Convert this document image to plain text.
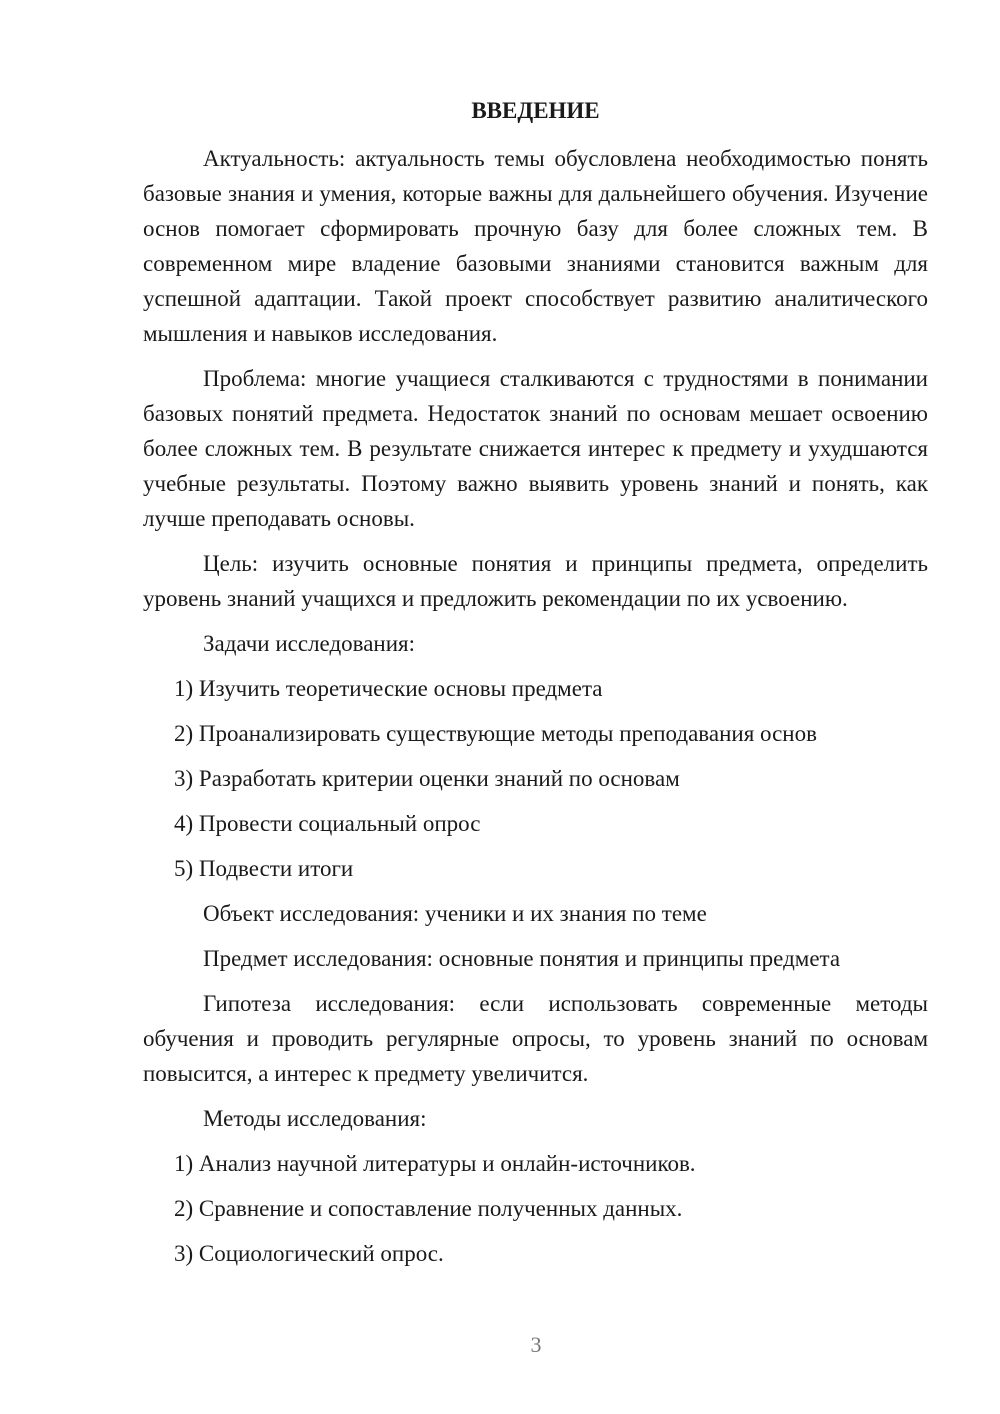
ВВЕДЕНИЕ

Актуальность: актуальность темы обусловлена необходимостью понять базовые знания и умения, которые важны для дальнейшего обучения. Изучение основ помогает сформировать прочную базу для более сложных тем. В современном мире владение базовыми знаниями становится важным для успешной адаптации. Такой проект способствует развитию аналитического мышления и навыков исследования.

Проблема: многие учащиеся сталкиваются с трудностями в понимании базовых понятий предмета. Недостаток знаний по основам мешает освоению более сложных тем. В результате снижается интерес к предмету и ухудшаются учебные результаты. Поэтому важно выявить уровень знаний и понять, как лучше преподавать основы.

Цель: изучить основные понятия и принципы предмета, определить уровень знаний учащихся и предложить рекомендации по их усвоению.

Задачи исследования:
1) Изучить теоретические основы предмета
2) Проанализировать существующие методы преподавания основ
3) Разработать критерии оценки знаний по основам
4) Провести социальный опрос
5) Подвести итоги
Объект исследования: ученики и их знания по теме
Предмет исследования: основные понятия и принципы предмета

Гипотеза исследования: если использовать современные методы обучения и проводить регулярные опросы, то уровень знаний по основам повысится, а интерес к предмету увеличится.

Методы исследования:
1) Анализ научной литературы и онлайн-источников.
2) Сравнение и сопоставление полученных данных.
3) Социологический опрос.
3
